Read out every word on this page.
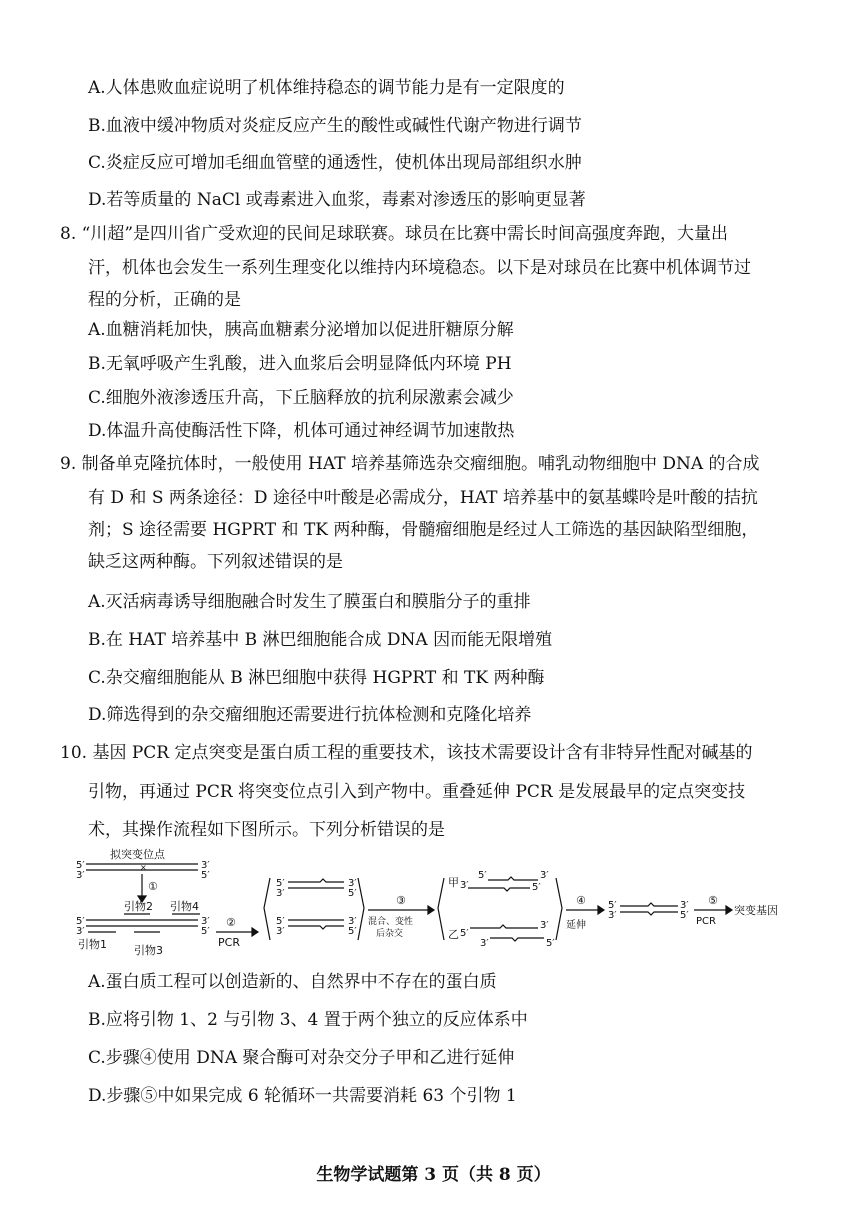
A.人体患败血症说明了机体维持稳态的调节能力是有一定限度的
B.血液中缓冲物质对炎症反应产生的酸性或碱性代谢产物进行调节
C.炎症反应可增加毛细血管壁的通透性，使机体出现局部组织水肿
D.若等质量的 NaCl 或毒素进入血浆，毒素对渗透压的影响更显著
8. “川超”是四川省广受欢迎的民间足球联赛。球员在比赛中需长时间高强度奔跑，大量出
汗，机体也会发生一系列生理变化以维持内环境稳态。以下是对球员在比赛中机体调节过
程的分析，正确的是
A.血糖消耗加快，胰高血糖素分泌增加以促进肝糖原分解
B.无氧呼吸产生乳酸，进入血浆后会明显降低内环境 PH
C.细胞外液渗透压升高，下丘脑释放的抗利尿激素会减少
D.体温升高使酶活性下降，机体可通过神经调节加速散热
9. 制备单克隆抗体时，一般使用 HAT 培养基筛选杂交瘤细胞。哺乳动物细胞中 DNA 的合成
有 D 和 S 两条途径：D 途径中叶酸是必需成分，HAT 培养基中的氨基蝶呤是叶酸的拮抗
剂；S 途径需要 HGPRT 和 TK 两种酶，骨髓瘤细胞是经过人工筛选的基因缺陷型细胞，
缺乏这两种酶。下列叙述错误的是
A.灭活病毒诱导细胞融合时发生了膜蛋白和膜脂分子的重排
B.在 HAT 培养基中 B 淋巴细胞能合成 DNA 因而能无限增殖
C.杂交瘤细胞能从 B 淋巴细胞中获得 HGPRT 和 TK 两种酶
D.筛选得到的杂交瘤细胞还需要进行抗体检测和克隆化培养
10. 基因 PCR 定点突变是蛋白质工程的重要技术，该技术需要设计含有非特异性配对碱基的
引物，再通过 PCR 将突变位点引入到产物中。重叠延伸 PCR 是发展最早的定点突变技
术，其操作流程如下图所示。下列分析错误的是
5′
3′
3′
5′
拟突变位点
×
①
引物2 引物4
5′
3′
3′
5′
引物1 引物3
②
PCR
5′
3′
3′
5′
5′
3′
3′
5′
③
混合、变性
后杂交
甲 3′
5′	3′
5′
乙 5′
3′
3′	5′
④
延伸
5′
3′
3′
5′
⑤
PCR
突变基因
A.蛋白质工程可以创造新的、自然界中不存在的蛋白质
B.应将引物 1、2 与引物 3、4 置于两个独立的反应体系中
C.步骤④使用 DNA 聚合酶可对杂交分子甲和乙进行延伸
D.步骤⑤中如果完成 6 轮循环一共需要消耗 63 个引物 1
生物学试题第 3 页（共 8 页）
